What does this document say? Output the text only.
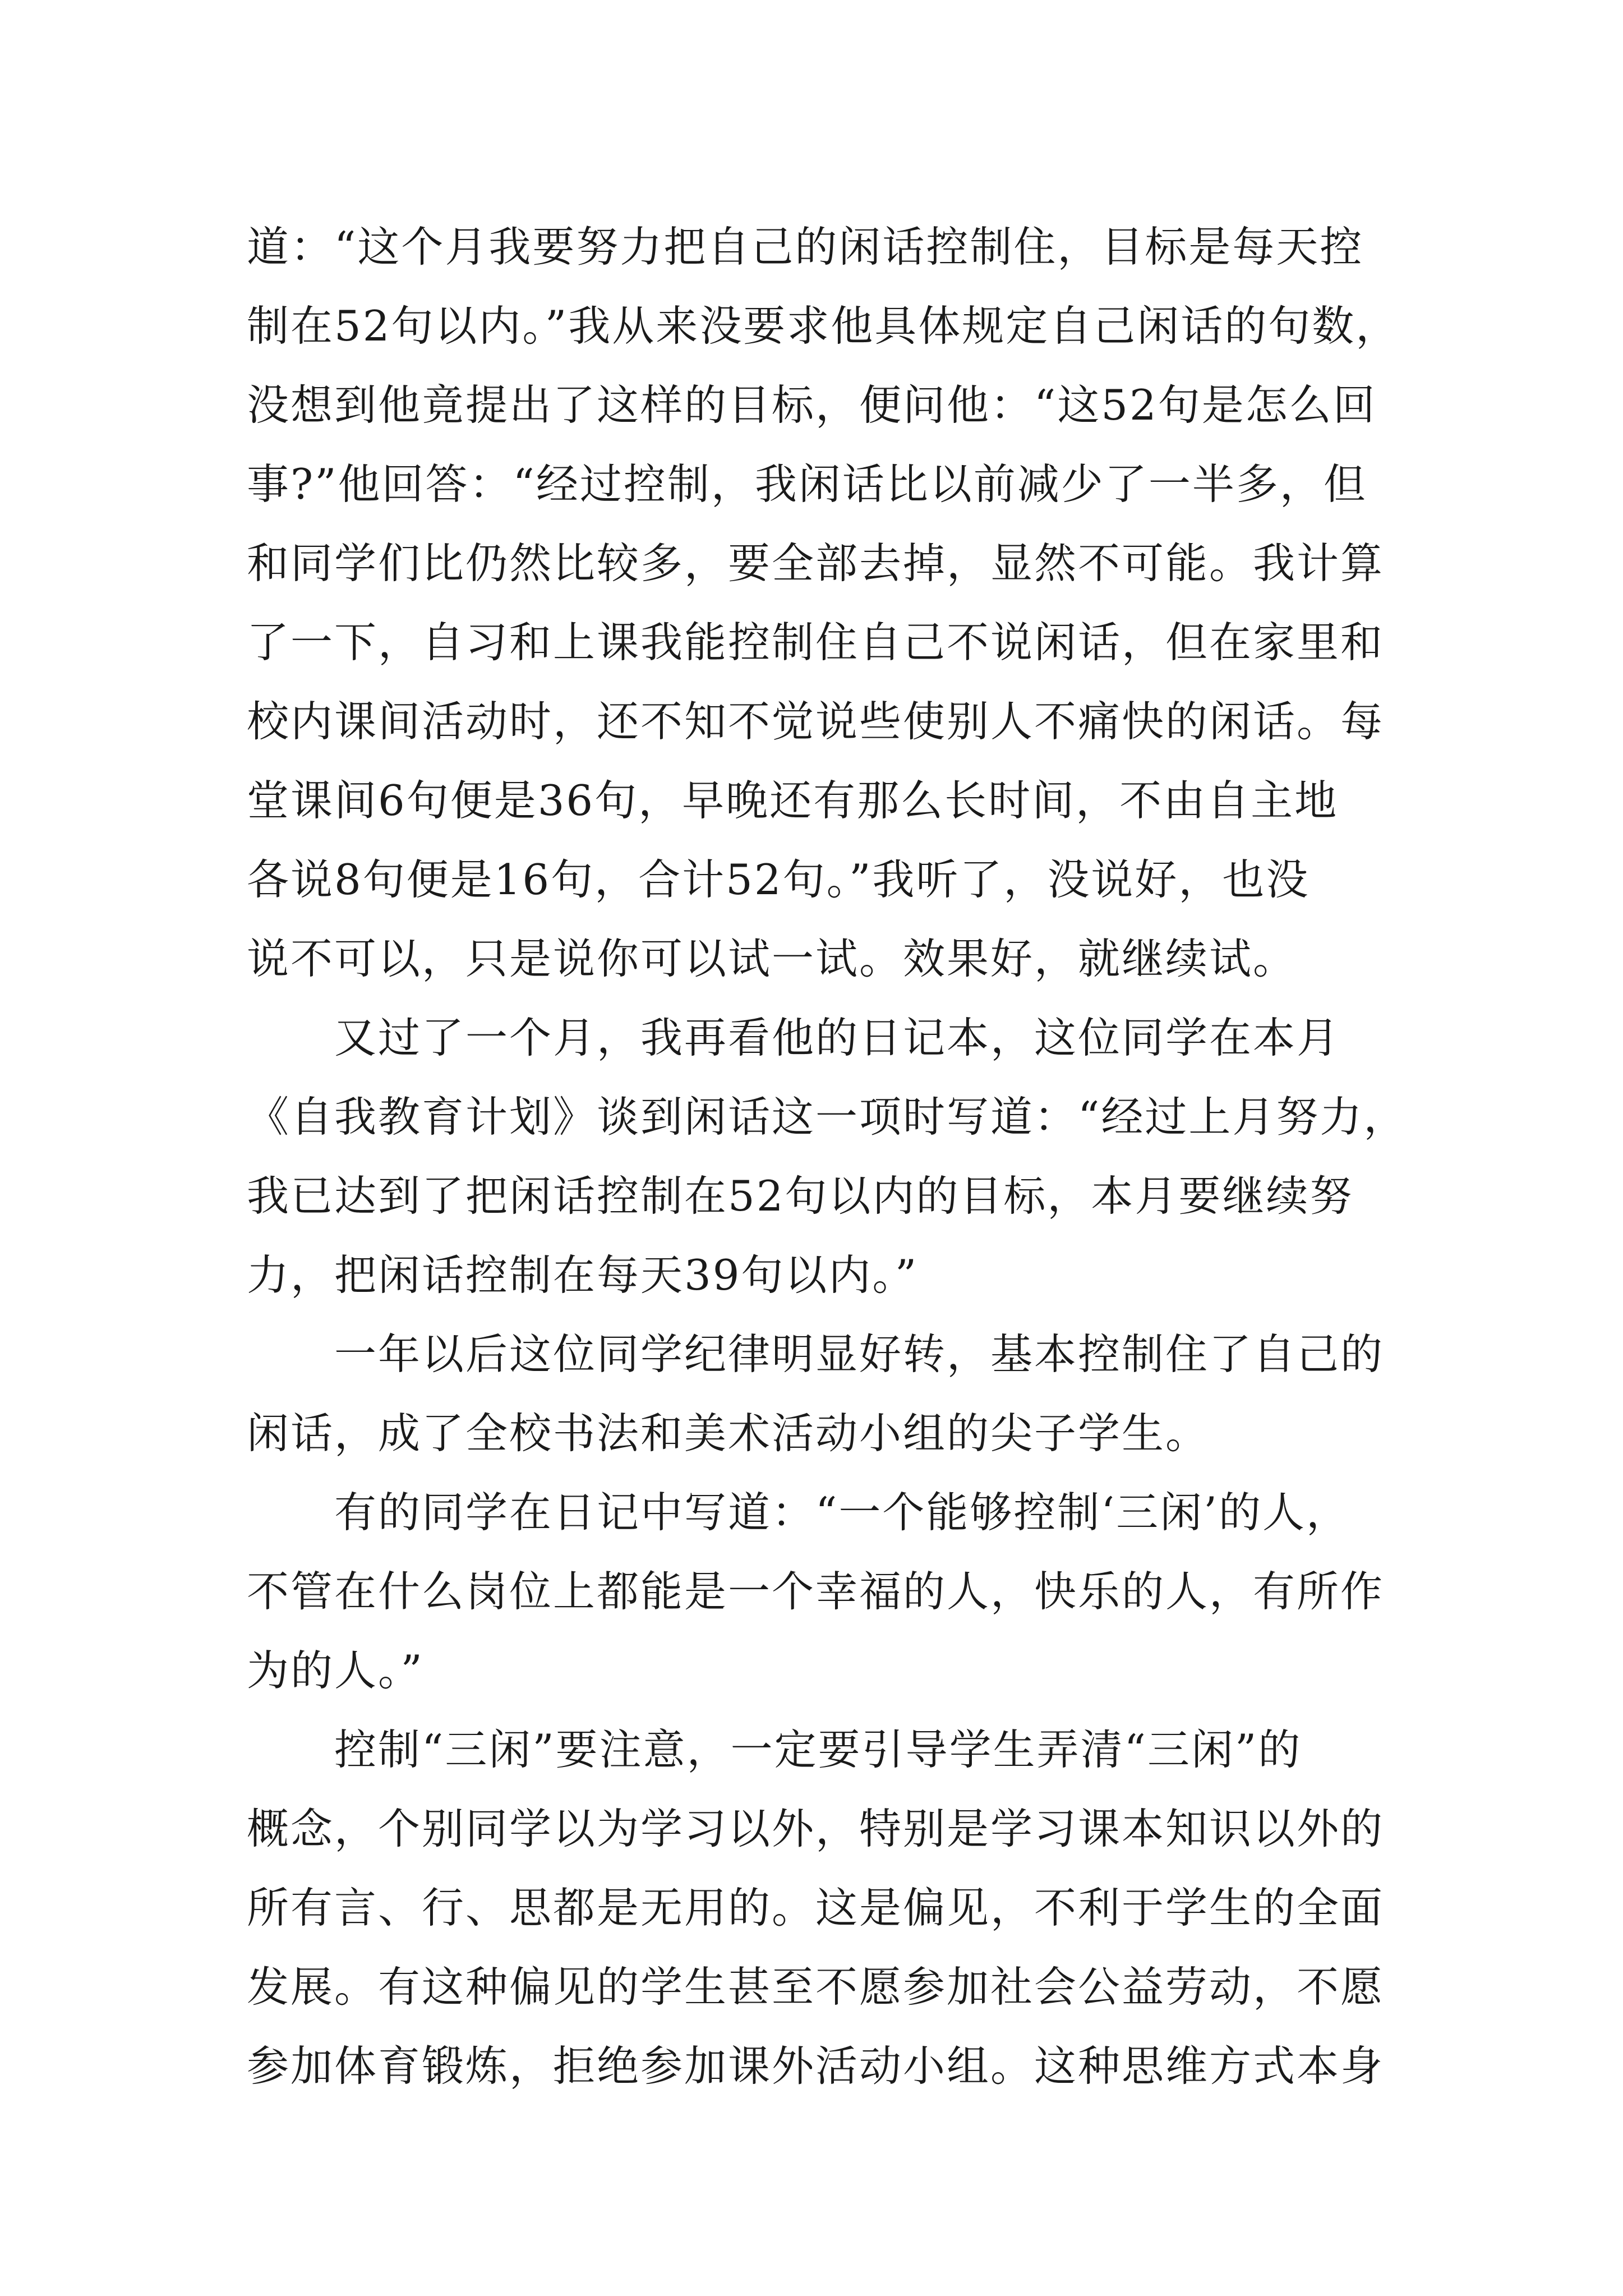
道：“这个月我要努力把自己的闲话控制住，目标是每天控
制在52句以内。”我从来没要求他具体规定自己闲话的句数，
没想到他竟提出了这样的目标，便问他：“这52句是怎么回
事?”他回答：“经过控制，我闲话比以前减少了一半多，但
和同学们比仍然比较多，要全部去掉，显然不可能。我计算
了一下，自习和上课我能控制住自己不说闲话，但在家里和
校内课间活动时，还不知不觉说些使别人不痛快的闲话。每
堂课间6句便是36句，早晚还有那么长时间，不由自主地
各说8句便是16句，合计52句。”我听了，没说好，也没
说不可以，只是说你可以试一试。效果好，就继续试。
又过了一个月，我再看他的日记本，这位同学在本月
《自我教育计划》谈到闲话这一项时写道：“经过上月努力，
我已达到了把闲话控制在52句以内的目标，本月要继续努
力，把闲话控制在每天39句以内。”
一年以后这位同学纪律明显好转，基本控制住了自己的
闲话，成了全校书法和美术活动小组的尖子学生。
有的同学在日记中写道：“一个能够控制‘三闲’的人，
不管在什么岗位上都能是一个幸福的人，快乐的人，有所作
为的人。”
控制“三闲”要注意，一定要引导学生弄清“三闲”的
概念，个别同学以为学习以外，特别是学习课本知识以外的
所有言、行、思都是无用的。这是偏见，不利于学生的全面
发展。有这种偏见的学生甚至不愿参加社会公益劳动，不愿
参加体育锻炼，拒绝参加课外活动小组。这种思维方式本身
